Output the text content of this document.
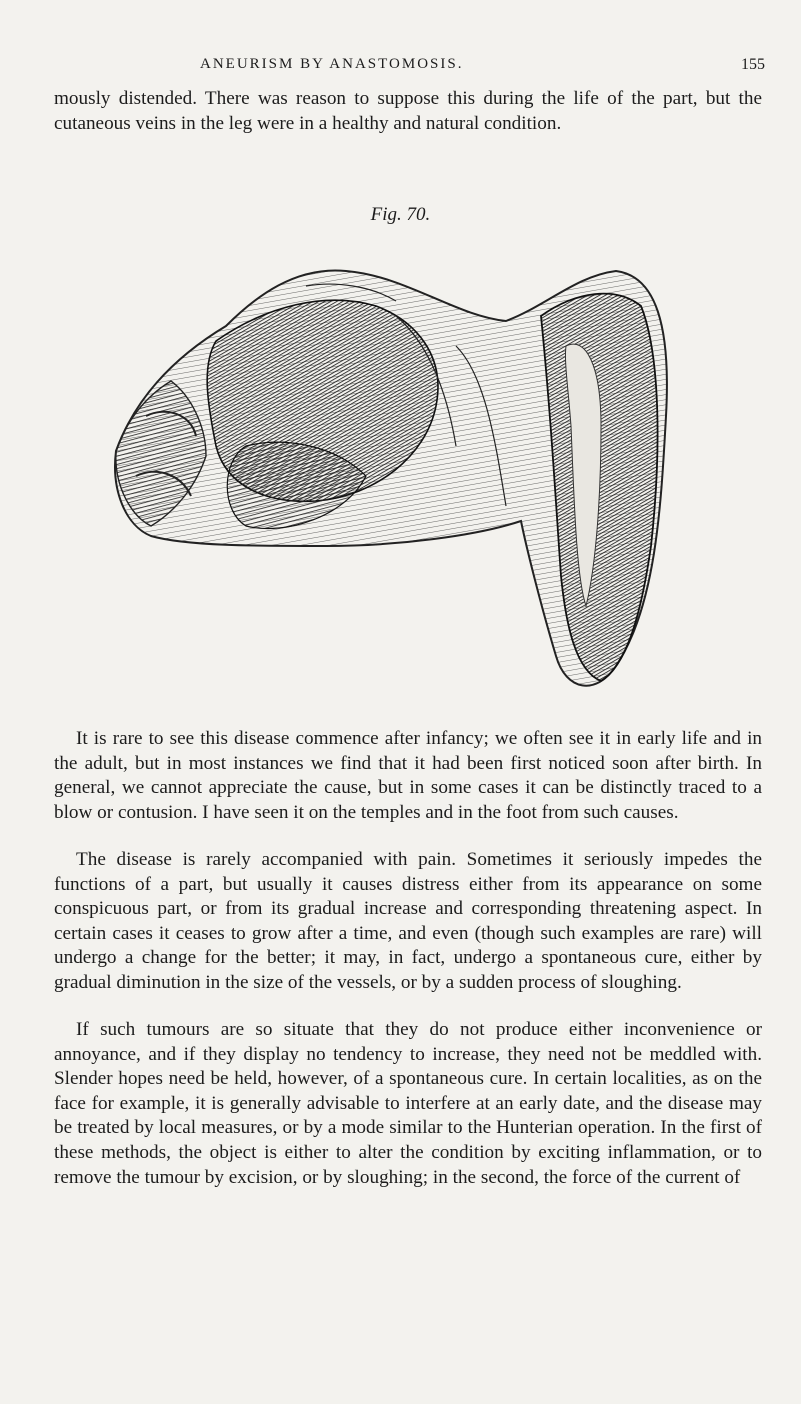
ANEURISM BY ANASTOMOSIS.	155

mously distended. There was reason to suppose this during the life of the part, but the cutaneous veins in the leg were in a healthy and natural condition.

Fig. 70.

It is rare to see this disease commence after infancy; we often see it in early life and in the adult, but in most instances we find that it had been first noticed soon after birth. In general, we cannot appreciate the cause, but in some cases it can be distinctly traced to a blow or contusion. I have seen it on the temples and in the foot from such causes.

The disease is rarely accompanied with pain. Sometimes it seriously impedes the functions of a part, but usually it causes distress either from its appearance on some conspicuous part, or from its gradual increase and corresponding threatening aspect. In certain cases it ceases to grow after a time, and even (though such examples are rare) will undergo a change for the better; it may, in fact, undergo a spontaneous cure, either by gradual diminution in the size of the vessels, or by a sudden process of sloughing.

If such tumours are so situate that they do not produce either inconvenience or annoyance, and if they display no tendency to increase, they need not be meddled with. Slender hopes need be held, however, of a spontaneous cure. In certain localities, as on the face for example, it is generally advisable to interfere at an early date, and the disease may be treated by local measures, or by a mode similar to the Hunterian operation. In the first of these methods, the object is either to alter the condition by exciting inflammation, or to remove the tumour by excision, or by sloughing; in the second, the force of the current of
